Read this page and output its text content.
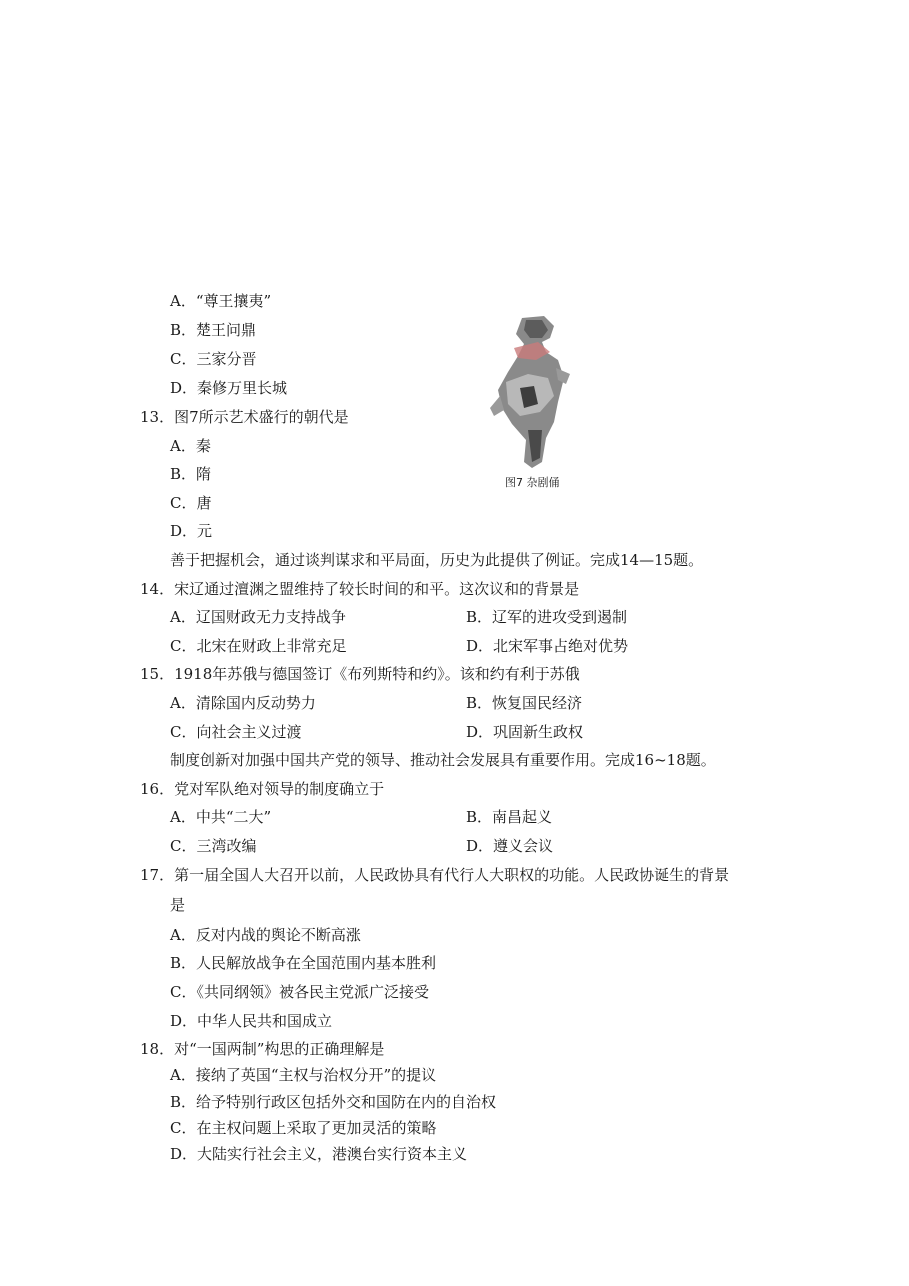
A．“尊王攘夷”
B．楚王问鼎
C．三家分晋
D．秦修万里长城
图7 杂剧俑
13．图7所示艺术盛行的朝代是
A．秦
B．隋
C．唐
D．元
善于把握机会，通过谈判谋求和平局面，历史为此提供了例证。完成14—15题。
14．宋辽通过澶渊之盟维持了较长时间的和平。这次议和的背景是
A．辽国财政无力支持战争	B．辽军的进攻受到遏制
C．北宋在财政上非常充足	D．北宋军事占绝对优势
15．1918年苏俄与德国签订《布列斯特和约》。该和约有利于苏俄
A．清除国内反动势力	B．恢复国民经济
C．向社会主义过渡	D．巩固新生政权
制度创新对加强中国共产党的领导、推动社会发展具有重要作用。完成16~18题。
16．党对军队绝对领导的制度确立于
A．中共“二大”	B．南昌起义
C．三湾改编	D．遵义会议
17．第一届全国人大召开以前，人民政协具有代行人大职权的功能。人民政协诞生的背景
是
A．反对内战的舆论不断高涨
B．人民解放战争在全国范围内基本胜利
C．《共同纲领》被各民主党派广泛接受
D．中华人民共和国成立
18．对“一国两制”构思的正确理解是
A．接纳了英国“主权与治权分开”的提议
B．给予特别行政区包括外交和国防在内的自治权
C．在主权问题上采取了更加灵活的策略
D．大陆实行社会主义，港澳台实行资本主义
